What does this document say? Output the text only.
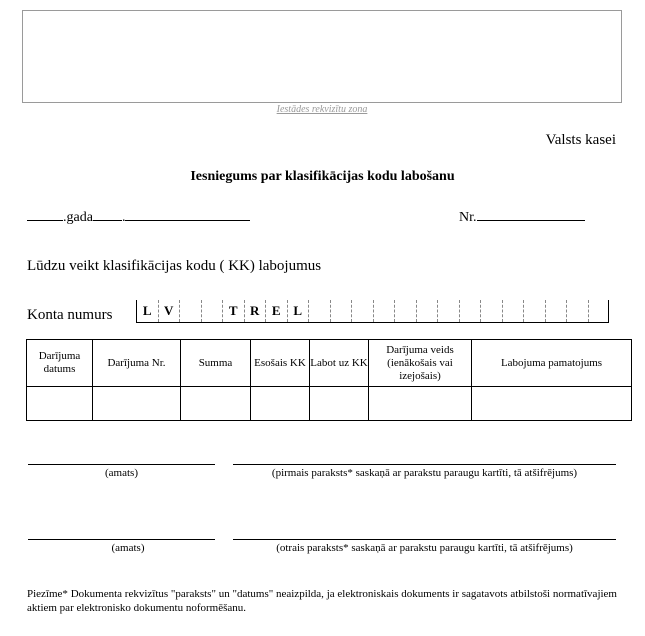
Iestādes rekvizītu zona
Valsts kasei
Iesniegums par klasifikācijas kodu labošanu
.gada .	Nr.
Lūdzu veikt klasifikācijas kodu ( KK) labojumus
Konta numurs	L V	T R E L
Darījuma datums	Darījuma Nr.	Summa	Esošais KK	Labot uz KK	Darījuma veids (ienākošais vai izejošais)	Labojuma pamatojums

(amats)	(pirmais paraksts* saskaņā ar parakstu paraugu kartīti, tā atšifrējums)
(amats)	(otrais paraksts* saskaņā ar parakstu paraugu kartīti, tā atšifrējums)
Piezīme* Dokumenta rekvizītus "paraksts" un "datums" neaizpilda, ja elektroniskais dokuments ir sagatavots atbilstoši normatīvajiem aktiem par elektronisko dokumentu noformēšanu.
